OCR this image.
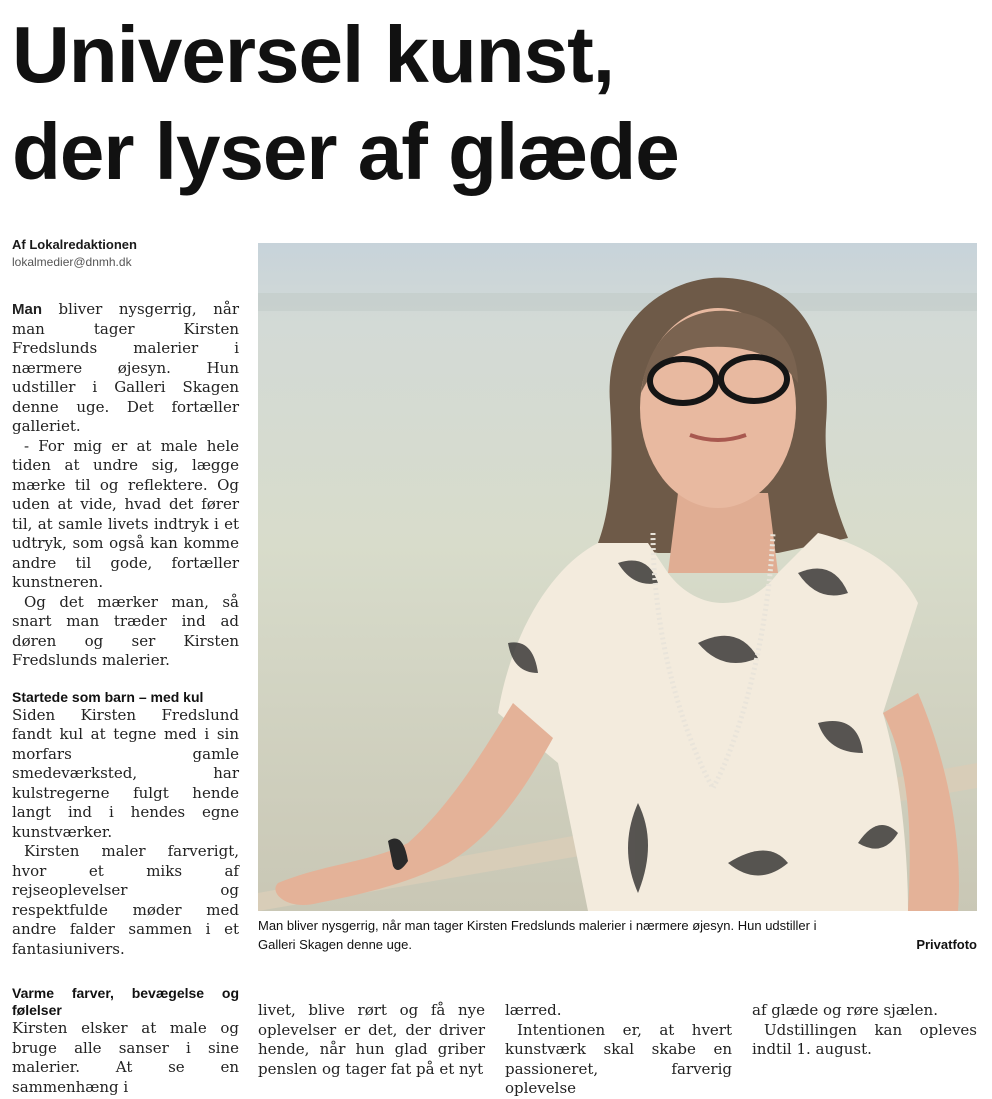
Universel kunst,
der lyser af glæde
Af Lokalredaktionen
lokalmedier@dnmh.dk

Man bliver nysgerrig, når man tager Kirsten Fredslunds malerier i nærmere øjesyn. Hun udstiller i Galleri Skagen denne uge. Det fortæller galleriet.

- For mig er at male hele tiden at undre sig, lægge mærke til og reflektere. Og uden at vide, hvad det fører til, at samle livets indtryk i et udtryk, som også kan komme andre til gode, fortæller kunstneren.

Og det mærker man, så snart man træder ind ad døren og ser Kirsten Fredslunds malerier.

Startede som barn – med kul

Siden Kirsten Fredslund fandt kul at tegne med i sin morfars gamle smedeværksted, har kulstregerne fulgt hende langt ind i hendes egne kunstværker.

Kirsten maler farverigt, hvor et miks af rejseoplevelser og respektfulde møder med andre falder sammen i et fantasiunivers.

Varme farver, bevægelse og følelser

Kirsten elsker at male og bruge alle sanser i sine malerier. At se en sammenhæng i

Man bliver nysgerrig, når man tager Kirsten Fredslunds malerier i nærmere øjesyn. Hun udstiller i Galleri Skagen denne uge.	Privatfoto

livet, blive rørt og få nye oplevelser er det, der driver hende, når hun glad griber penslen og tager fat på et nyt

lærred.

Intentionen er, at hvert kunstværk skal skabe en passioneret, farverig oplevelse

af glæde og røre sjælen.

Udstillingen kan opleves indtil 1. august.
